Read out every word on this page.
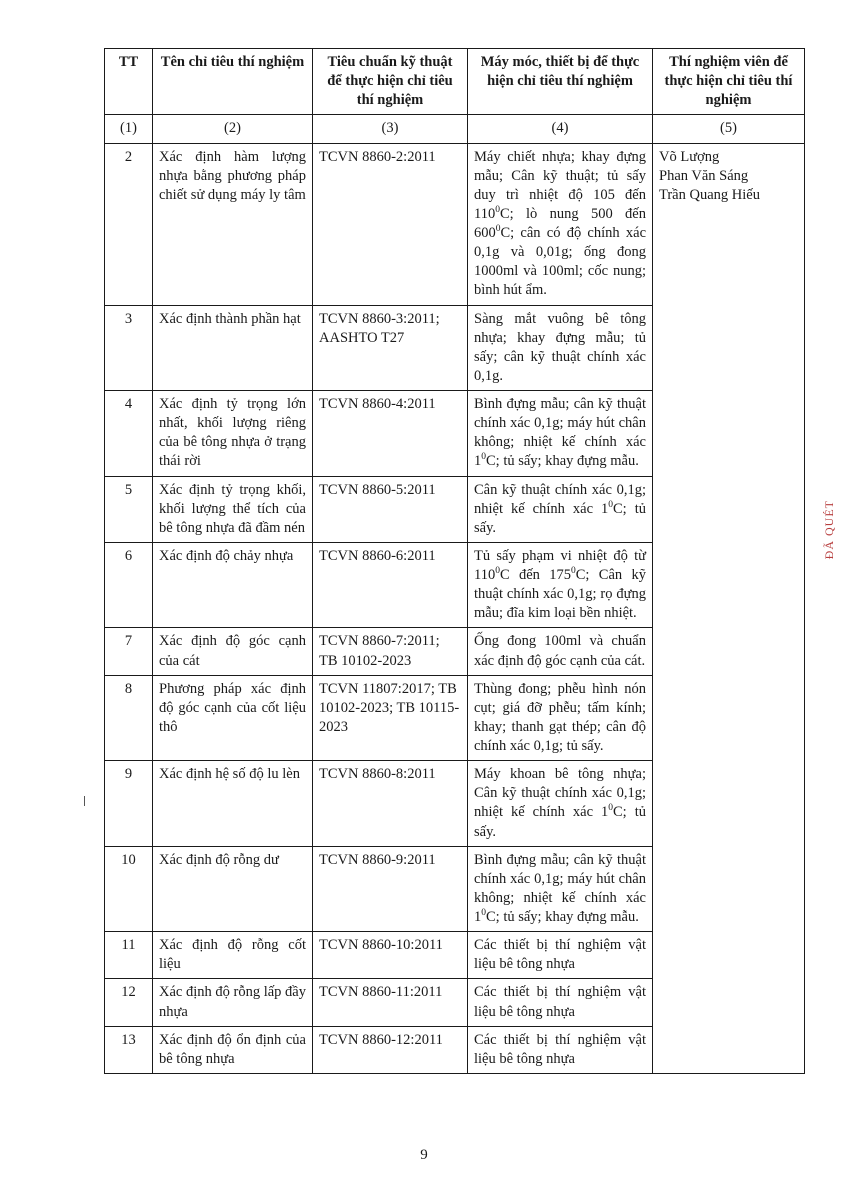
TT	Tên chỉ tiêu thí nghiệm	Tiêu chuẩn kỹ thuật để thực hiện chỉ tiêu thí nghiệm	Máy móc, thiết bị để thực hiện chỉ tiêu thí nghiệm	Thí nghiệm viên để thực hiện chỉ tiêu thí nghiệm
(1)	(2)	(3)	(4)	(5)
2	Xác định hàm lượng nhựa bằng phương pháp chiết sử dụng máy ly tâm	TCVN 8860-2:2011	Máy chiết nhựa; khay đựng mẫu; Cân kỹ thuật; tủ sấy duy trì nhiệt độ 105 đến $110^0C$; lò nung 500 đến $600^0C$; cân có độ chính xác 0,1g và 0,01g; ống đong 1000ml và 100ml; cốc nung; bình hút ẩm.	Võ Lượng
Phan Văn Sáng
Trần Quang Hiếu

3	Xác định thành phần hạt	TCVN 8860-3:2011; AASHTO T27	Sàng mắt vuông bê tông nhựa; khay đựng mẫu; tủ sấy; cân kỹ thuật chính xác 0,1g.	
4	Xác định tỷ trọng lớn nhất, khối lượng riêng của bê tông nhựa ở trạng thái rời	TCVN 8860-4:2011	Bình đựng mẫu; cân kỹ thuật chính xác 0,1g; máy hút chân không; nhiệt kế chính xác $1^0C$; tủ sấy; khay đựng mẫu.	
5	Xác định tỷ trọng khối, khối lượng thể tích của bê tông nhựa đã đầm nén	TCVN 8860-5:2011	Cân kỹ thuật chính xác 0,1g; nhiệt kế chính xác $1^0C$; tủ sấy.	
6	Xác định độ chảy nhựa	TCVN 8860-6:2011	Tủ sấy phạm vi nhiệt độ từ $110^0C$ đến $175^0C$; Cân kỹ thuật chính xác 0,1g; rọ đựng mẫu; đĩa kim loại bền nhiệt.	
7	Xác định độ góc cạnh của cát	TCVN 8860-7:2011; TB 10102-2023	Ống đong 100ml và chuẩn xác định độ góc cạnh của cát.	
8	Phương pháp xác định độ góc cạnh của cốt liệu thô	TCVN 11807:2017; TB 10102-2023; TB 10115-2023	Thùng đong; phễu hình nón cụt; giá đỡ phễu; tấm kính; khay; thanh gạt thép; cân độ chính xác 0,1g; tủ sấy.	
9	Xác định hệ số độ lu lèn	TCVN 8860-8:2011	Máy khoan bê tông nhựa; Cân kỹ thuật chính xác 0,1g; nhiệt kế chính xác $1^0C$; tủ sấy.	
10	Xác định độ rỗng dư	TCVN 8860-9:2011	Bình đựng mẫu; cân kỹ thuật chính xác 0,1g; máy hút chân không; nhiệt kế chính xác $1^0C$; tủ sấy; khay đựng mẫu.	
11	Xác định độ rỗng cốt liệu	TCVN 8860-10:2011	Các thiết bị thí nghiệm vật liệu bê tông nhựa	
12	Xác định độ rỗng lấp đầy nhựa	TCVN 8860-11:2011	Các thiết bị thí nghiệm vật liệu bê tông nhựa	
13	Xác định độ ổn định của bê tông nhựa	TCVN 8860-12:2011	Các thiết bị thí nghiệm vật liệu bê tông nhựa	
ĐÃ QUÉT
9
